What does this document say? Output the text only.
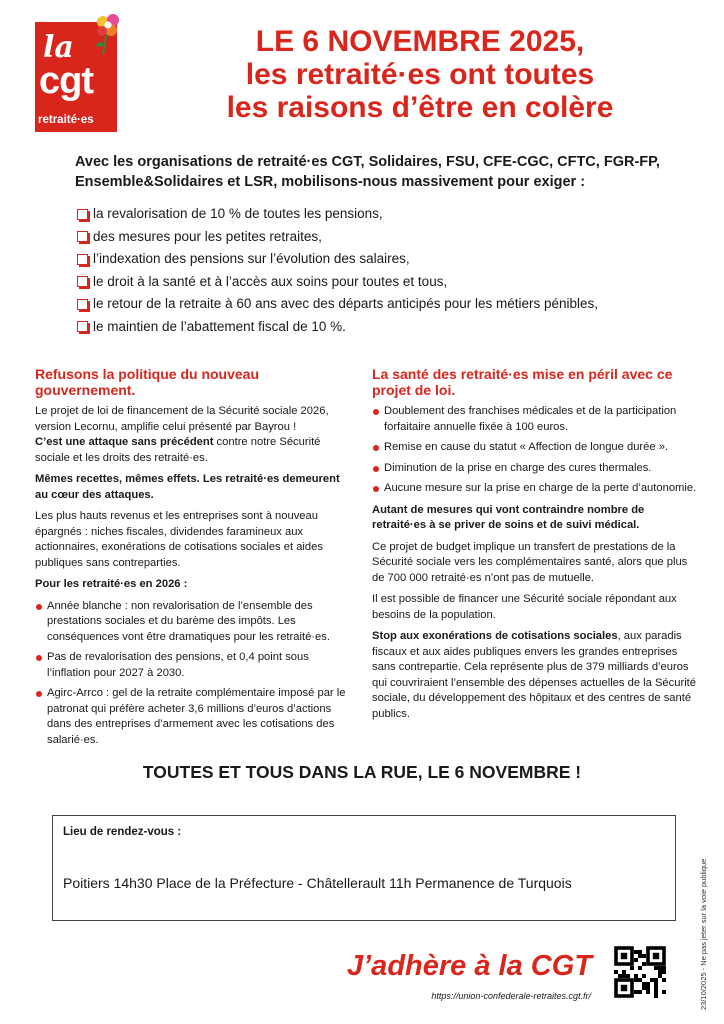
la
cgt
retraité·es
LE 6 NOVEMBRE 2025,
les retraité·es ont toutes
les raisons d’être en colère
Avec les organisations de retraité·es CGT, Solidaires, FSU, CFE-CGC, CFTC, FGR-FP, Ensemble&Solidaires et LSR, mobilisons-nous massivement pour exiger :
la revalorisation de 10 % de toutes les pensions,
des mesures pour les petites retraites,
l’indexation des pensions sur l’évolution des salaires,
le droit à la santé et à l’accès aux soins pour toutes et tous,
le retour de la retraite à 60 ans avec des départs anticipés pour les métiers pénibles,
le maintien de l’abattement fiscal de 10 %.
Refusons la politique du nouveau gouvernement.

Le projet de loi de financement de la Sécurité sociale 2026, version Lecornu, amplifie celui présenté par Bayrou !
C’est une attaque sans précédent contre notre Sécurité sociale et les droits des retraité·es.

Mêmes recettes, mêmes effets. Les retraité·es demeurent au cœur des attaques.

Les plus hauts revenus et les entreprises sont à nouveau épargnés : niches fiscales, dividendes faramineux aux actionnaires, exonérations de cotisations sociales et aides publiques sans contreparties.

Pour les retraité·es en 2026 :

Année blanche : non revalorisation de l’ensemble des prestations sociales et du barème des impôts. Les conséquences vont être dramatiques pour les retraité·es.
Pas de revalorisation des pensions, et 0,4 point sous l’inflation pour 2027 à 2030.
Agirc-Arrco : gel de la retraite complémentaire imposé par le patronat qui préfère acheter 3,6 millions d’euros d’actions dans des entreprises d’armement avec les cotisations des salarié·es.
La santé des retraité·es mise en péril avec ce projet de loi.
Doublement des franchises médicales et de la participation forfaitaire annuelle fixée à 100 euros.
Remise en cause du statut « Affection de longue durée ».
Diminution de la prise en charge des cures thermales.
Aucune mesure sur la prise en charge de la perte d’autonomie.

Autant de mesures qui vont contraindre nombre de retraité·es à se priver de soins et de suivi médical.

Ce projet de budget implique un transfert de prestations de la Sécurité sociale vers les complémentaires santé, alors que plus de 700 000 retraité·es n’ont pas de mutuelle.

Il est possible de financer une Sécurité sociale répondant aux besoins de la population.

Stop aux exonérations de cotisations sociales, aux paradis fiscaux et aux aides publiques envers les grandes entreprises sans contrepartie. Cela représente plus de 379 milliards d’euros qui couvriraient l’ensemble des dépenses actuelles de la Sécurité sociale, du développement des hôpitaux et des centres de santé publics.

TOUTES ET TOUS DANS LA RUE, LE 6 NOVEMBRE !
Lieu de rendez-vous :
Poitiers 14h30 Place de la Préfecture - Châtellerault 11h Permanence de Turquois
J’adhère à la CGT
https://union-confederale-retraites.cgt.fr/	23/10/2025 - Ne pas jeter sur la voie publique
